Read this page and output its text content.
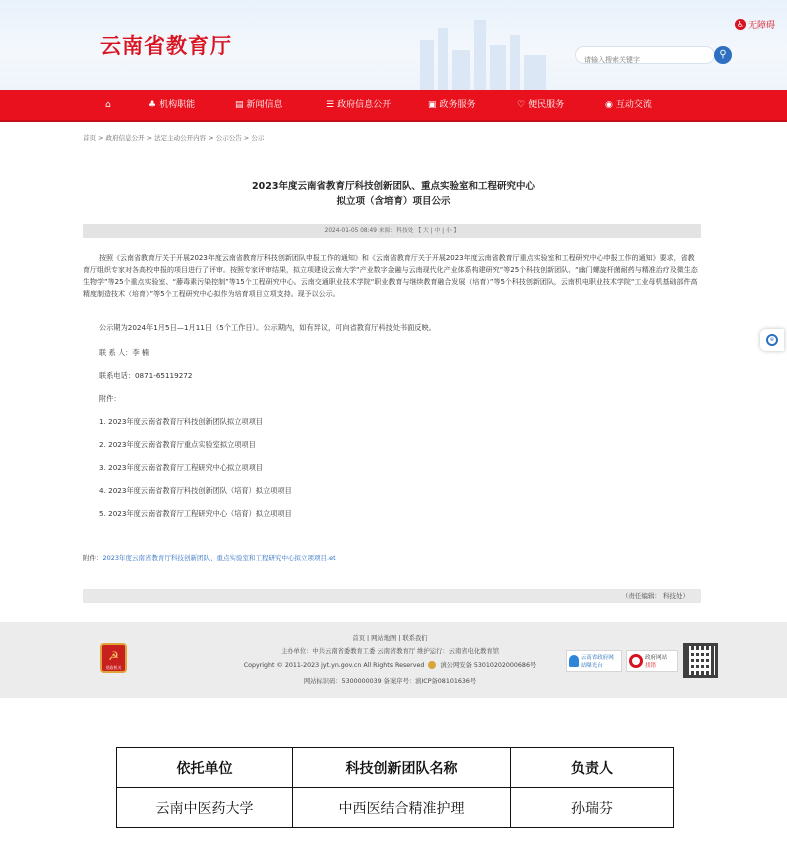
云南省教育厅
♿ 无障碍
请输入搜索关键字
⚲
⌂	♣ 机构职能	▤ 新闻信息	☰ 政府信息公开	▣ 政务服务	♡ 便民服务	◉ 互动交流
首页 > 政府信息公开 > 法定主动公开内容 > 公示公告 > 公示
2023年度云南省教育厅科技创新团队、重点实验室和工程研究中心
拟立项（含培育）项目公示
2024-01-05 08:49 来源：科技处 【 大 | 中 | 小 】
按照《云南省教育厅关于开展2023年度云南省教育厅科技创新团队申报工作的通知》和《云南省教育厅关于开展2023年度云南省教育厅重点实验室和工程研究中心申报工作的通知》要求，省教育厅组织专家对各高校申报的项目进行了评审。按照专家评审结果，拟立项建设云南大学“产业数字金融与云南现代化产业体系构建研究”等25个科技创新团队、“幽门螺旋杆菌耐药与精准治疗及微生态生物学”等25个重点实验室、“藤毒素污染控制”等15个工程研究中心。云南交通职业技术学院“职业教育与继续教育融合发展（培育）”等5个科技创新团队，云南机电职业技术学院“工业母机基础部件高精度制造技术（培育）”等5个工程研究中心拟作为培育项目立项支持。现予以公示。
公示期为2024年1月5日—1月11日（5个工作日）。公示期内，如有异议，可向省教育厅科技处书面反映。
联 系 人：李 楠
联系电话：0871-65119272
附件：
1. 2023年度云南省教育厅科技创新团队拟立项项目
2. 2023年度云南省教育厅重点实验室拟立项项目
3. 2023年度云南省教育厅工程研究中心拟立项项目
4. 2023年度云南省教育厅科技创新团队（培育）拟立项项目
5. 2023年度云南省教育厅工程研究中心（培育）拟立项项目
附件：2023年度云南省教育厅科技创新团队、重点实验室和工程研究中心拟立项项目.et
（责任编辑： 科技处）
e
☭
党政机关
首页 | 网站地图 | 联系我们
主办单位：中共云南省委教育工委 云南省教育厅 维护运行：云南省电化教育馆
Copyright © 2011-2023 jyt.yn.gov.cn All Rights Reserved	滇公网安备 53010202000686号
网站标识码：5300000039 备案序号：滇ICP备08101636号
云南省政府网站曝光台
政府网站
找错
依托单位	科技创新团队名称	负责人
云南中医药大学	中西医结合精准护理	孙瑞芬
